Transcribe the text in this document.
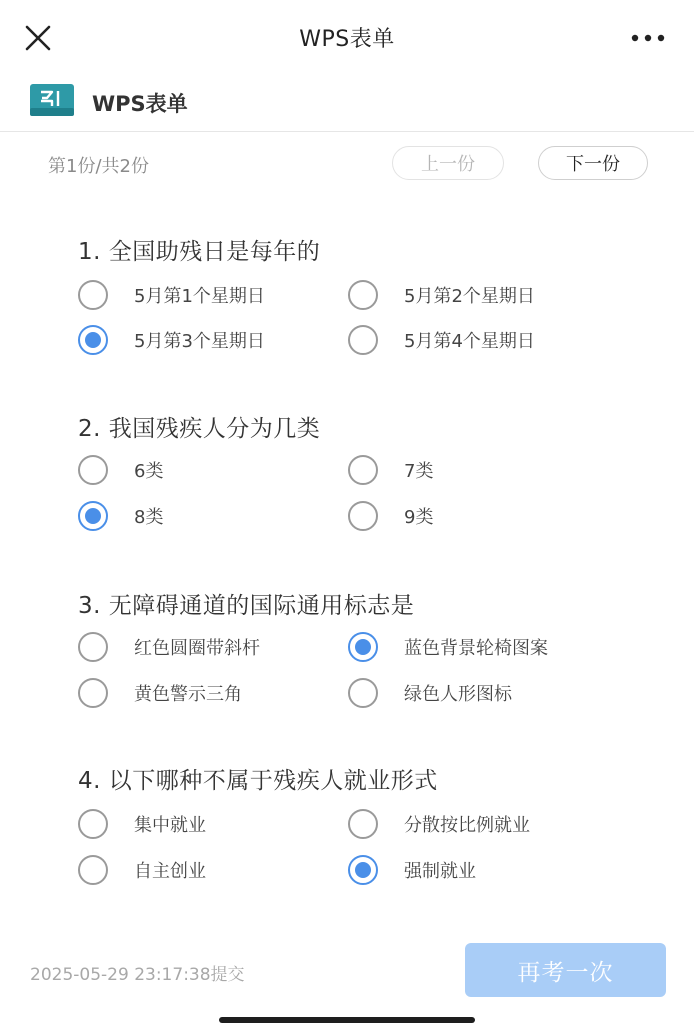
WPS表单
WPS表单
第1份/共2份	上一份	下一份
1. 全国助残日是每年的
5月第1个星期日	5月第2个星期日
5月第3个星期日	5月第4个星期日
2. 我国残疾人分为几类
6类	7类
8类	9类
3. 无障碍通道的国际通用标志是
红色圆圈带斜杆	蓝色背景轮椅图案
黄色警示三角	绿色人形图标
4. 以下哪种不属于残疾人就业形式
集中就业	分散按比例就业
自主创业	强制就业
2025-05-29 23:17:38提交	再考一次
